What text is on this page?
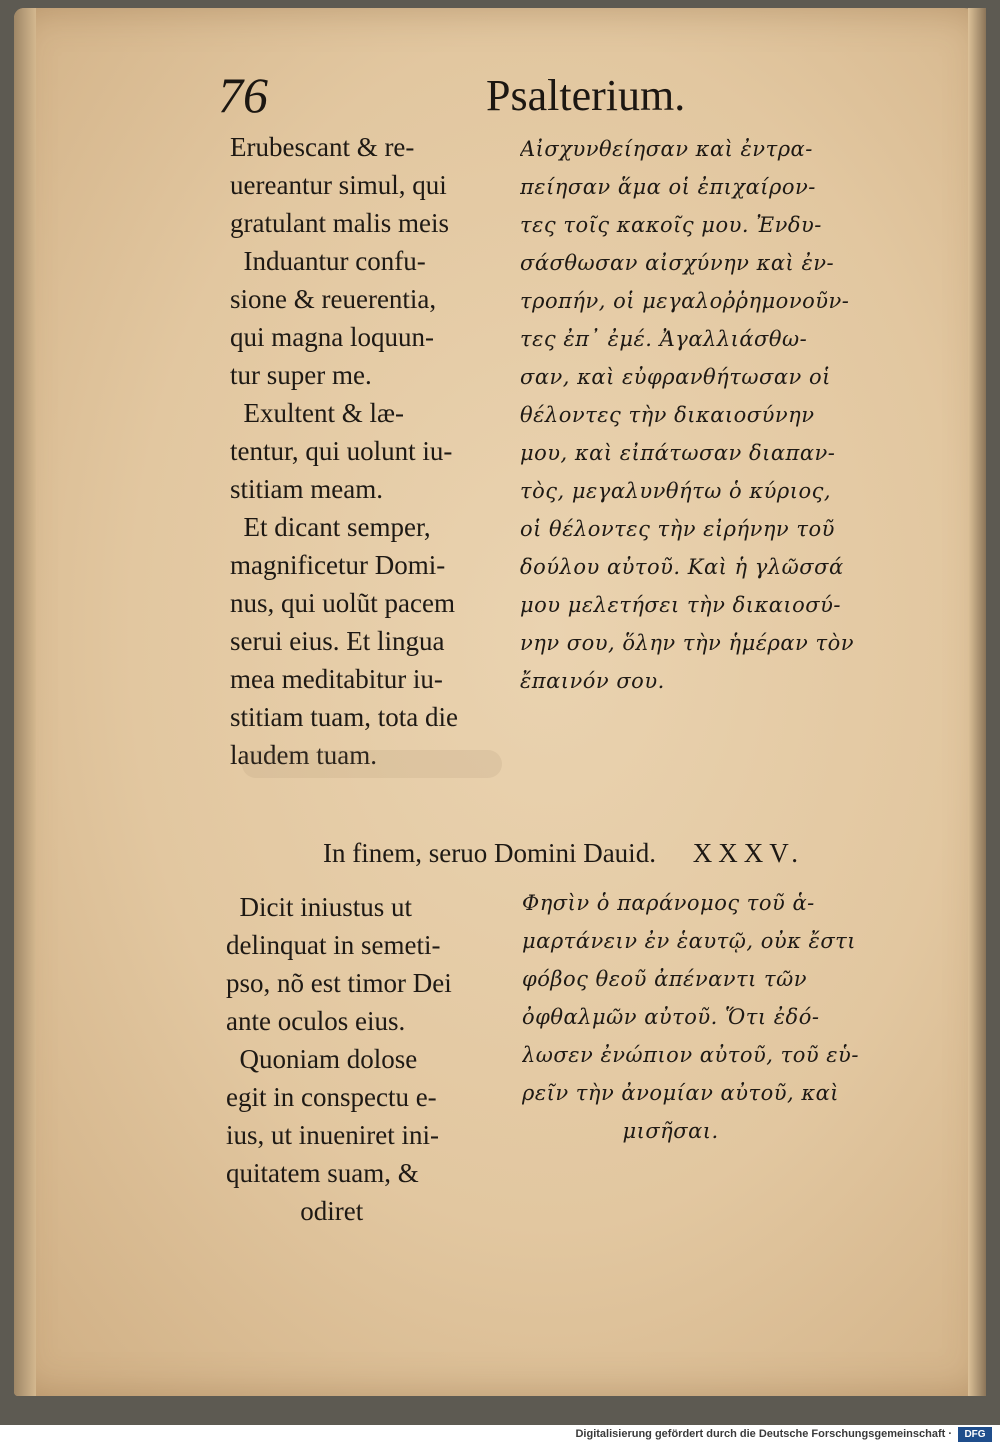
76	Psalterium.
Erubescant & re-
uereantur simul, qui
gratulant malis meis
Induantur confu-
sione & reuerentia,
qui magna loquun-
tur super me.
Exultent & læ-
tentur, qui uolunt iu-
stitiam meam.
Et dicant semper,
magnificetur Domi-
nus, qui uolũt pacem
serui eius. Et lingua
mea meditabitur iu-
stitiam tuam, tota die
laudem tuam.
Αἰσχυνθείησαν καὶ ἐντρα-
πείησαν ἅμα οἱ ἐπιχαίρον-
τες τοῖς κακοῖς μου. Ἐνδυ-
σάσθωσαν αἰσχύνην καὶ ἐν-
τροπήν, οἱ μεγαλοῤῥημονοῦν-
τες ἐπ᾽ ἐμέ. Ἀγαλλιάσθω-
σαν, καὶ εὐφρανθήτωσαν οἱ
θέλοντες τὴν δικαιοσύνην
μου, καὶ εἰπάτωσαν διαπαν-
τὸς, μεγαλυνθήτω ὁ κύριος,
οἱ θέλοντες τὴν εἰρήνην τοῦ
δούλου αὐτοῦ. Καὶ ἡ γλῶσσά
μου μελετήσει τὴν δικαιοσύ-
νην σου, ὅλην τὴν ἡμέραν τὸν
ἔπαινόν σου.
In finem, seruo Domini Dauid. XXXV.
Dicit iniustus ut
delinquat in semeti-
pso, nõ est timor Dei
ante oculos eius.
Quoniam dolose
egit in conspectu e-
ius, ut inueniret ini-
quitatem suam, &
odiret
Φησὶν ὁ παράνομος τοῦ ἁ-
μαρτάνειν ἐν ἑαυτῷ, οὐκ ἔστι
φόβος θεοῦ ἀπέναντι τῶν
ὀφθαλμῶν αὐτοῦ. Ὅτι ἐδό-
λωσεν ἐνώπιον αὐτοῦ, τοῦ εὑ-
ρεῖν τὴν ἀνομίαν αὐτοῦ, καὶ
μισῆσαι.
Digitalisierung gefördert durch die Deutsche Forschungsgemeinschaft ·	DFG
